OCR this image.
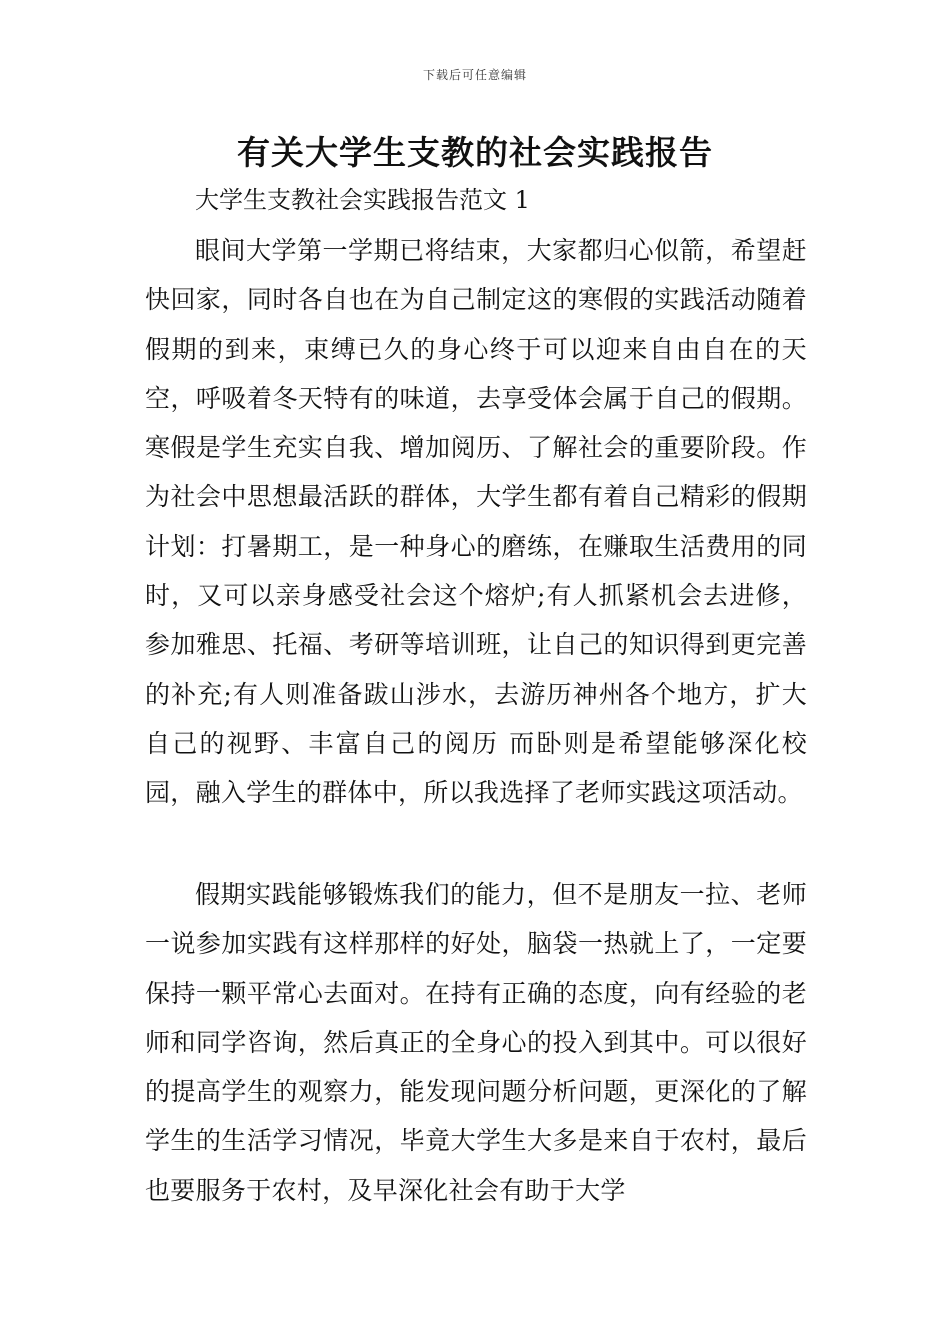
下载后可任意编辑
有关大学生支教的社会实践报告
大学生支教社会实践报告范文 1

眼间大学第一学期已将结束，大家都归心似箭，希望赶快回家，同时各自也在为自己制定这的寒假的实践活动随着假期的到来，束缚已久的身心终于可以迎来自由自在的天空，呼吸着冬天特有的味道，去享受体会属于自己的假期。寒假是学生充实自我、增加阅历、了解社会的重要阶段。作为社会中思想最活跃的群体，大学生都有着自己精彩的假期计划：打暑期工，是一种身心的磨练，在赚取生活费用的同时，又可以亲身感受社会这个熔炉;有人抓紧机会去进修，参加雅思、托福、考研等培训班，让自己的知识得到更完善的补充;有人则准备跋山涉水，去游历神州各个地方，扩大自己的视野、丰富自己的阅历 而卧则是希望能够深化校园，融入学生的群体中，所以我选择了老师实践这项活动。

假期实践能够锻炼我们的能力，但不是朋友一拉、老师一说参加实践有这样那样的好处，脑袋一热就上了，一定要保持一颗平常心去面对。在持有正确的态度，向有经验的老师和同学咨询，然后真正的全身心的投入到其中。可以很好的提高学生的观察力，能发现问题分析问题，更深化的了解学生的生活学习情况，毕竟大学生大多是来自于农村，最后也要服务于农村，及早深化社会有助于大学
